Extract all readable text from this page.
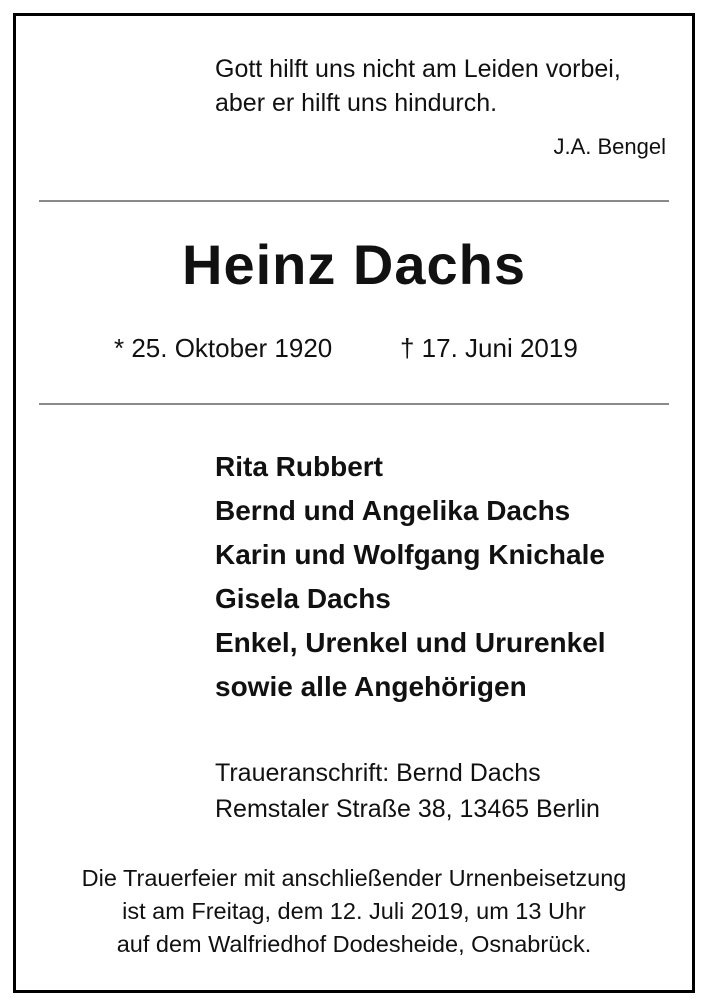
Gott hilft uns nicht am Leiden vorbei,
aber er hilft uns hindurch.
J.A. Bengel
Heinz Dachs
* 25. Oktober 1920	† 17. Juni 2019
Rita Rubbert
Bernd und Angelika Dachs
Karin und Wolfgang Knichale
Gisela Dachs
Enkel, Urenkel und Ururenkel
sowie alle Angehörigen
Traueranschrift: Bernd Dachs
Remstaler Straße 38, 13465 Berlin
Die Trauerfeier mit anschließender Urnenbeisetzung
ist am Freitag, dem 12. Juli 2019, um 13 Uhr
auf dem Walfriedhof Dodesheide, Osnabrück.
